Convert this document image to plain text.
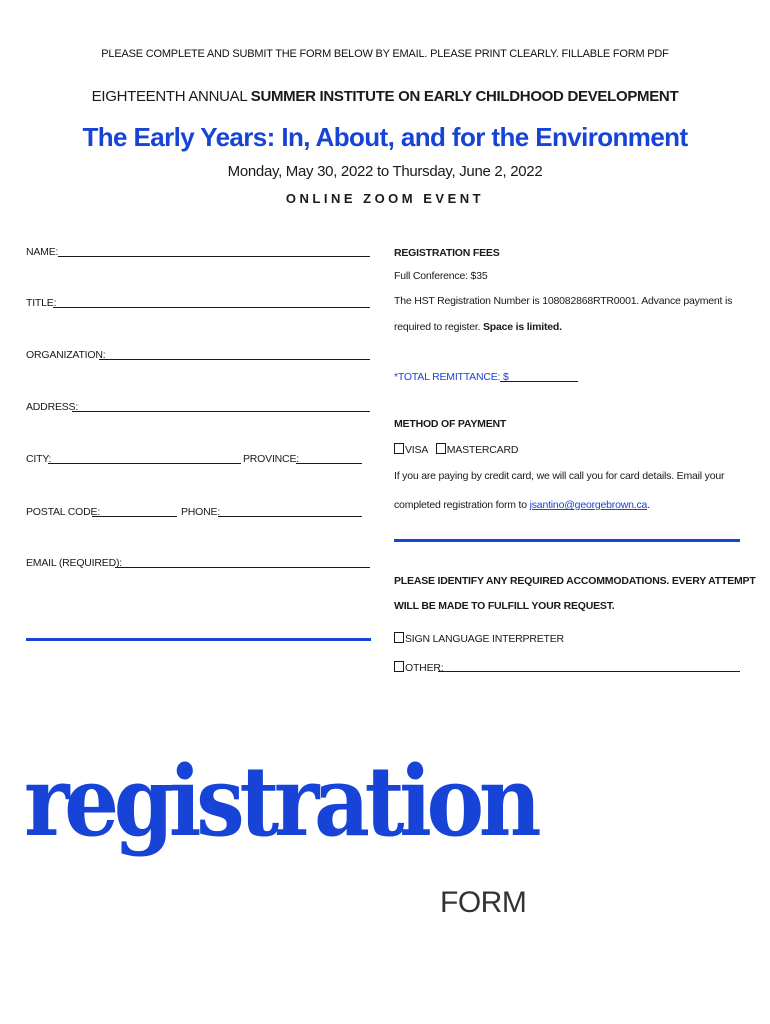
PLEASE COMPLETE AND SUBMIT THE FORM BELOW BY EMAIL. PLEASE PRINT CLEARLY. FILLABLE FORM PDF
EIGHTEENTH ANNUAL SUMMER INSTITUTE ON EARLY CHILDHOOD DEVELOPMENT
The Early Years: In, About, and for the Environment
Monday, May 30, 2022 to Thursday, June 2, 2022
ONLINE ZOOM EVENT
NAME:
TITLE:
ORGANIZATION:
ADDRESS:
CITY:	PROVINCE:
POSTAL CODE:	PHONE:
EMAIL (REQUIRED):
REGISTRATION FEES
Full Conference: $35
The HST Registration Number is 108082868RTR0001. Advance payment is
required to register. Space is limited.
*TOTAL REMITTANCE: $
METHOD OF PAYMENT
VISA MASTERCARD
If you are paying by credit card, we will call you for card details. Email your
completed registration form to jsantino@georgebrown.ca.
PLEASE IDENTIFY ANY REQUIRED ACCOMMODATIONS. EVERY ATTEMPT
WILL BE MADE TO FULFILL YOUR REQUEST.
SIGN LANGUAGE INTERPRETER
OTHER:
registration
FORM
